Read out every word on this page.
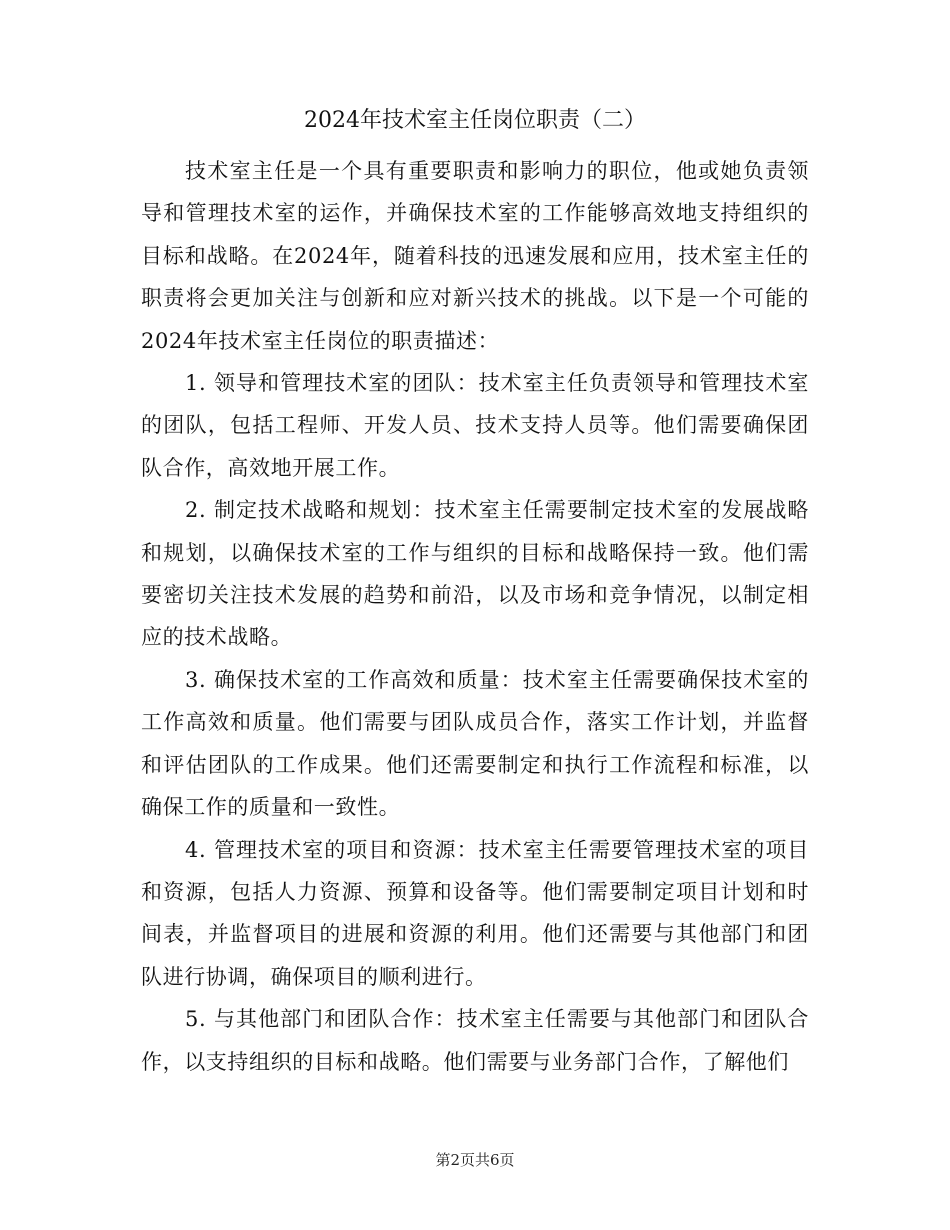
2024年技术室主任岗位职责（二）

技术室主任是一个具有重要职责和影响力的职位，他或她负责领导和管理技术室的运作，并确保技术室的工作能够高效地支持组织的目标和战略。在2024年，随着科技的迅速发展和应用，技术室主任的职责将会更加关注与创新和应对新兴技术的挑战。以下是一个可能的2024年技术室主任岗位的职责描述：

1. 领导和管理技术室的团队：技术室主任负责领导和管理技术室的团队，包括工程师、开发人员、技术支持人员等。他们需要确保团队合作，高效地开展工作。

2. 制定技术战略和规划：技术室主任需要制定技术室的发展战略和规划，以确保技术室的工作与组织的目标和战略保持一致。他们需要密切关注技术发展的趋势和前沿，以及市场和竞争情况，以制定相应的技术战略。

3. 确保技术室的工作高效和质量：技术室主任需要确保技术室的工作高效和质量。他们需要与团队成员合作，落实工作计划，并监督和评估团队的工作成果。他们还需要制定和执行工作流程和标准，以确保工作的质量和一致性。

4. 管理技术室的项目和资源：技术室主任需要管理技术室的项目和资源，包括人力资源、预算和设备等。他们需要制定项目计划和时间表，并监督项目的进展和资源的利用。他们还需要与其他部门和团队进行协调，确保项目的顺利进行。

5. 与其他部门和团队合作：技术室主任需要与其他部门和团队合作，以支持组织的目标和战略。他们需要与业务部门合作，了解他们

第2页共6页
